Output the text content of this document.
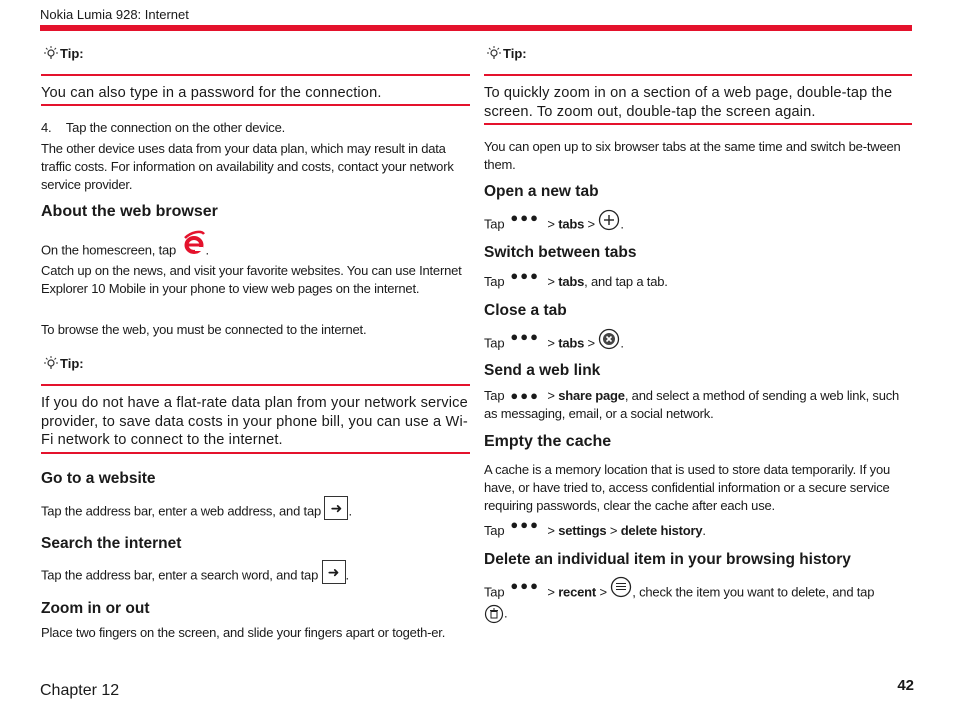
Nokia Lumia 928: Internet
Tip:
You can also type in a password for the connection.
4. Tap the connection on the other device.
The other device uses data from your data plan, which may result in data traffic costs. For information on availability and costs, contact your network service provider.
About the web browser
On the homescreen, tap .
Catch up on the news, and visit your favorite websites. You can use Internet Explorer 10 Mobile in your phone to view web pages on the internet.
To browse the web, you must be connected to the internet.
Tip:
If you do not have a flat-rate data plan from your network service provider, to save data costs in your phone bill, you can use a Wi-Fi network to connect to the internet.
Go to a website
Tap the address bar, enter a web address, and tap ➜ .
Search the internet
Tap the address bar, enter a search word, and tap ➜ .
Zoom in or out
Place two fingers on the screen, and slide your fingers apart or togeth-er.
Tip:
To quickly zoom in on a section of a web page, double-tap the screen. To zoom out, double-tap the screen again.
You can open up to six browser tabs at the same time and switch be-tween them.
Open a new tab
Tap ●●● > tabs > .
Switch between tabs
Tap ●●● > tabs, and tap a tab.
Close a tab
Tap ●●● > tabs > .
Send a web link
Tap ●●● > share page, and select a method of sending a web link, such as messaging, email, or a social network.
Empty the cache
A cache is a memory location that is used to store data temporarily. If you have, or have tried to, access confidential information or a secure service requiring passwords, clear the cache after each use.
Tap ●●● > settings > delete history.
Delete an individual item in your browsing history
Tap ●●● > recent > , check the item you want to delete, and tap
.
Chapter 12	42
